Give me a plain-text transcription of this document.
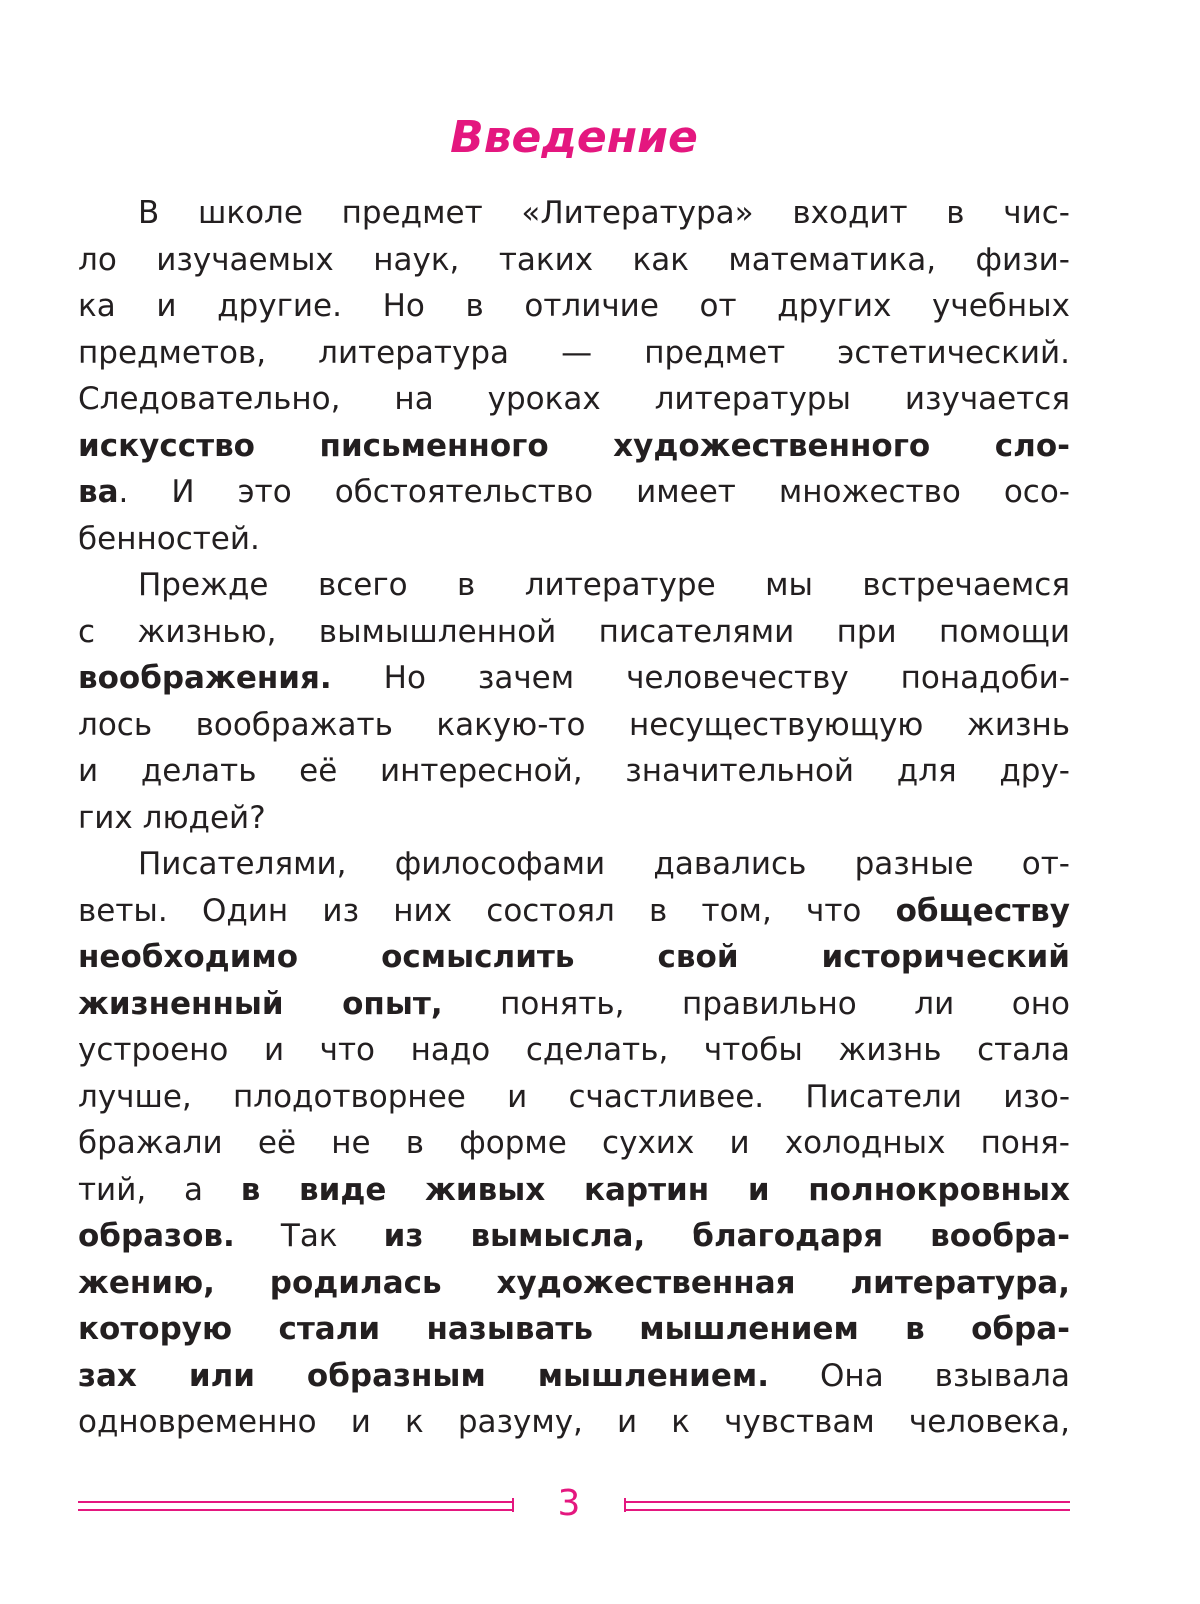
Введение
В школе предмет «Литература» входит в чис-
ло изучаемых наук, таких как математика, физи-
ка и другие. Но в отличие от других учебных
предметов, литература — предмет эстетический.
Следовательно, на уроках литературы изучается
искусство письменного художественного сло-
ва. И это обстоятельство имеет множество осо-
бенностей.
Прежде всего в литературе мы встречаемся
с жизнью, вымышленной писателями при помощи
воображения. Но зачем человечеству понадоби-
лось воображать какую-то несуществующую жизнь
и делать её интересной, значительной для дру-
гих людей?
Писателями, философами давались разные от-
веты. Один из них состоял в том, что обществу
необходимо осмыслить свой исторический
жизненный опыт, понять, правильно ли оно
устроено и что надо сделать, чтобы жизнь стала
лучше, плодотворнее и счастливее. Писатели изо-
бражали её не в форме сухих и холодных поня-
тий, а в виде живых картин и полнокровных
образов. Так из вымысла, благодаря вообра-
жению, родилась художественная литература,
которую стали называть мышлением в обра-
зах или образным мышлением. Она взывала
одновременно и к разуму, и к чувствам человека,
3
